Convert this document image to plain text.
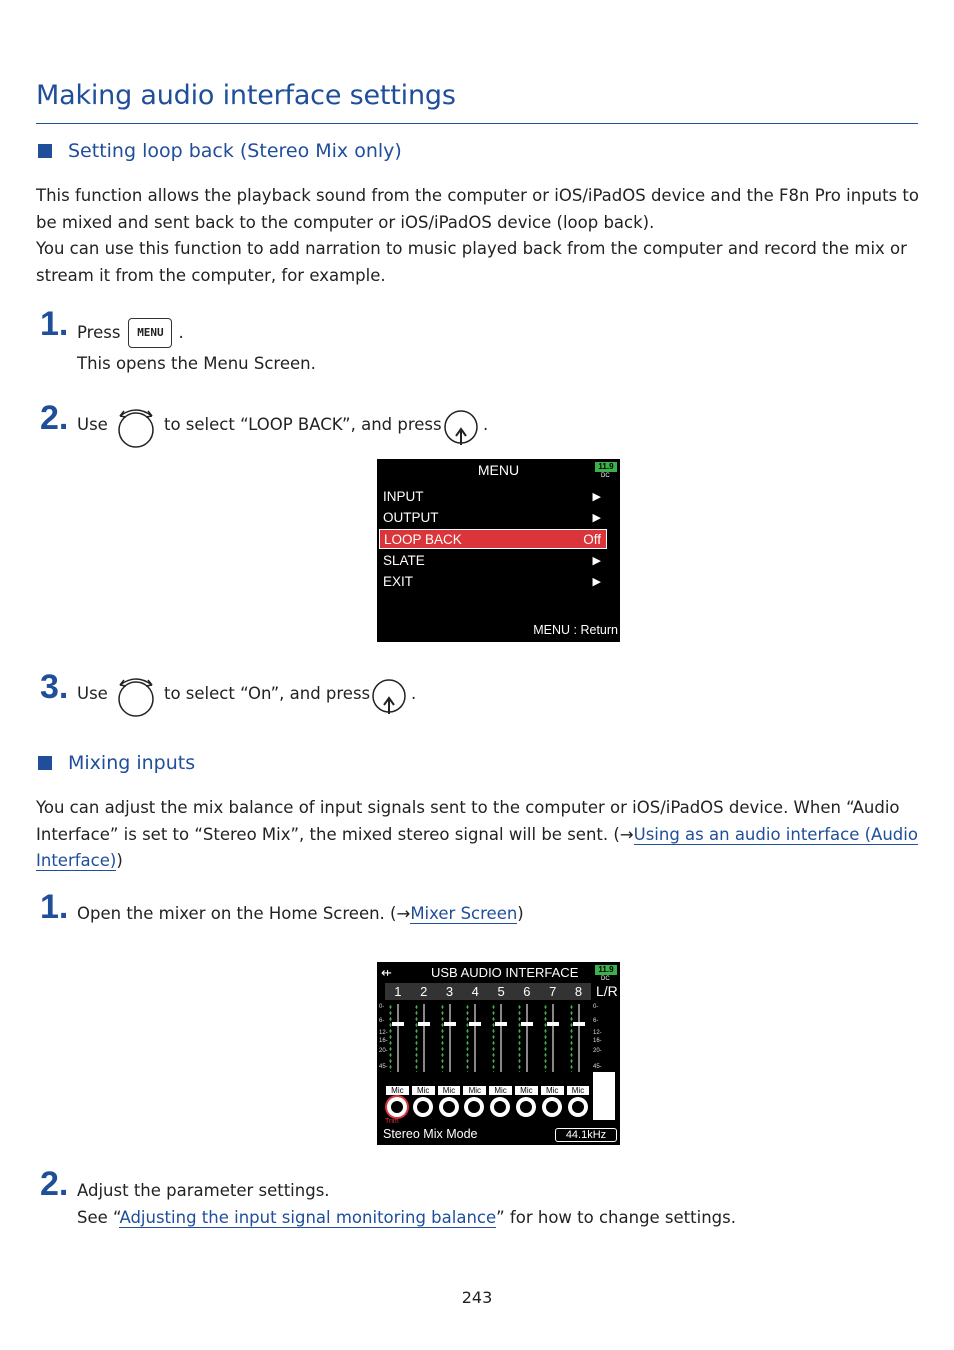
Making audio interface settings
Setting loop back (Stereo Mix only)

This function allows the playback sound from the computer or iOS/iPadOS device and the F8n Pro inputs to be mixed and sent back to the computer or iOS/iPadOS device (loop back).

You can use this function to add narration to music played back from the computer and record the mix or stream it from the computer, for example.

1. Press	MENU .
This opens the Menu Screen.
2. Use	to select “LOOP BACK”, and press	.
MENU	11.9
DC
INPUT	▶
OUTPUT	▶
LOOP BACK	Off
SLATE	▶
EXIT	▶
MENU : Return
3. Use	to select “On”, and press .
Mixing inputs

You can adjust the mix balance of input signals sent to the computer or iOS/iPadOS device. When “Audio Interface” is set to “Stereo Mix”, the mixed stereo signal will be sent. (→Using as an audio interface (Audio Interface))

1. Open the mixer on the Home Screen. (→Mixer Screen)
⇷	USB AUDIO INTERFACE	11.9
DC
1	2	3	4	5	6	7	8 L/R
0-
6-
12-
16-
20-
45-
0-
6-
12-
16-
20-
45-
Mic	Mic	Mic	Mic	Mic	Mic	Mic	Mic
Trim
Stereo Mix Mode	44.1kHz
2. Adjust the parameter settings.
See “Adjusting the input signal monitoring balance” for how to change settings.
243
